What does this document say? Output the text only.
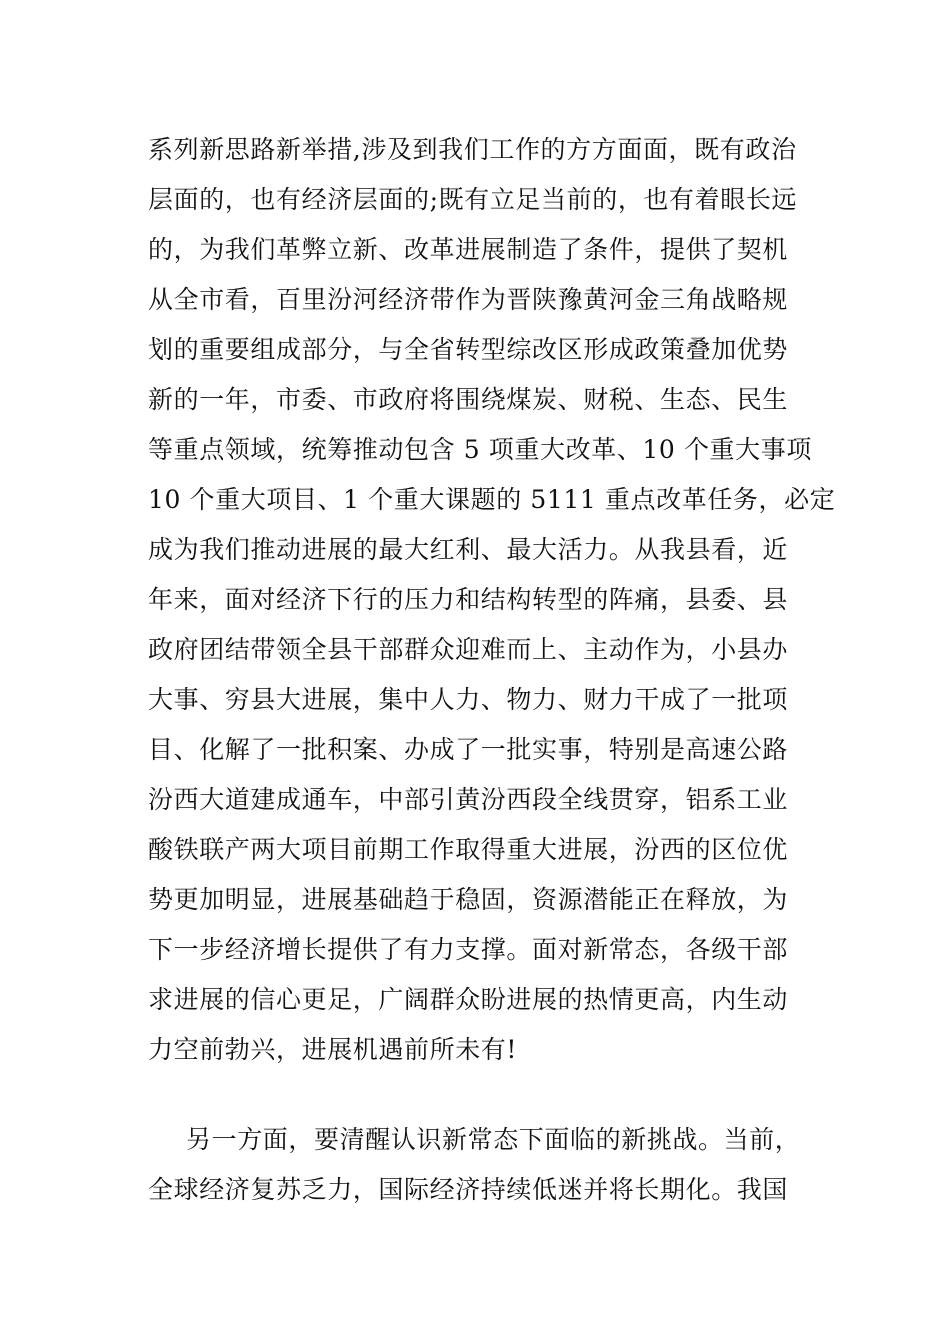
系列新思路新举措,涉及到我们工作的方方面面，既有政治
层面的，也有经济层面的;既有立足当前的，也有着眼长远
的，为我们革弊立新、改革进展制造了条件，提供了契机
从全市看，百里汾河经济带作为晋陕豫黄河金三角战略规
划的重要组成部分，与全省转型综改区形成政策叠加优势
新的一年，市委、市政府将围绕煤炭、财税、生态、民生
等重点领域，统筹推动包含 5 项重大改革、10 个重大事项
10 个重大项目、1 个重大课题的 5111 重点改革任务，必定
成为我们推动进展的最大红利、最大活力。从我县看，近
年来，面对经济下行的压力和结构转型的阵痛，县委、县
政府团结带领全县干部群众迎难而上、主动作为，小县办
大事、穷县大进展，集中人力、物力、财力干成了一批项
目、化解了一批积案、办成了一批实事，特别是高速公路
汾西大道建成通车，中部引黄汾西段全线贯穿，铝系工业
酸铁联产两大项目前期工作取得重大进展，汾西的区位优
势更加明显，进展基础趋于稳固，资源潜能正在释放，为
下一步经济增长提供了有力支撑。面对新常态，各级干部
求进展的信心更足，广阔群众盼进展的热情更高，内生动
力空前勃兴，进展机遇前所未有!
另一方面，要清醒认识新常态下面临的新挑战。当前，
全球经济复苏乏力，国际经济持续低迷并将长期化。我国
